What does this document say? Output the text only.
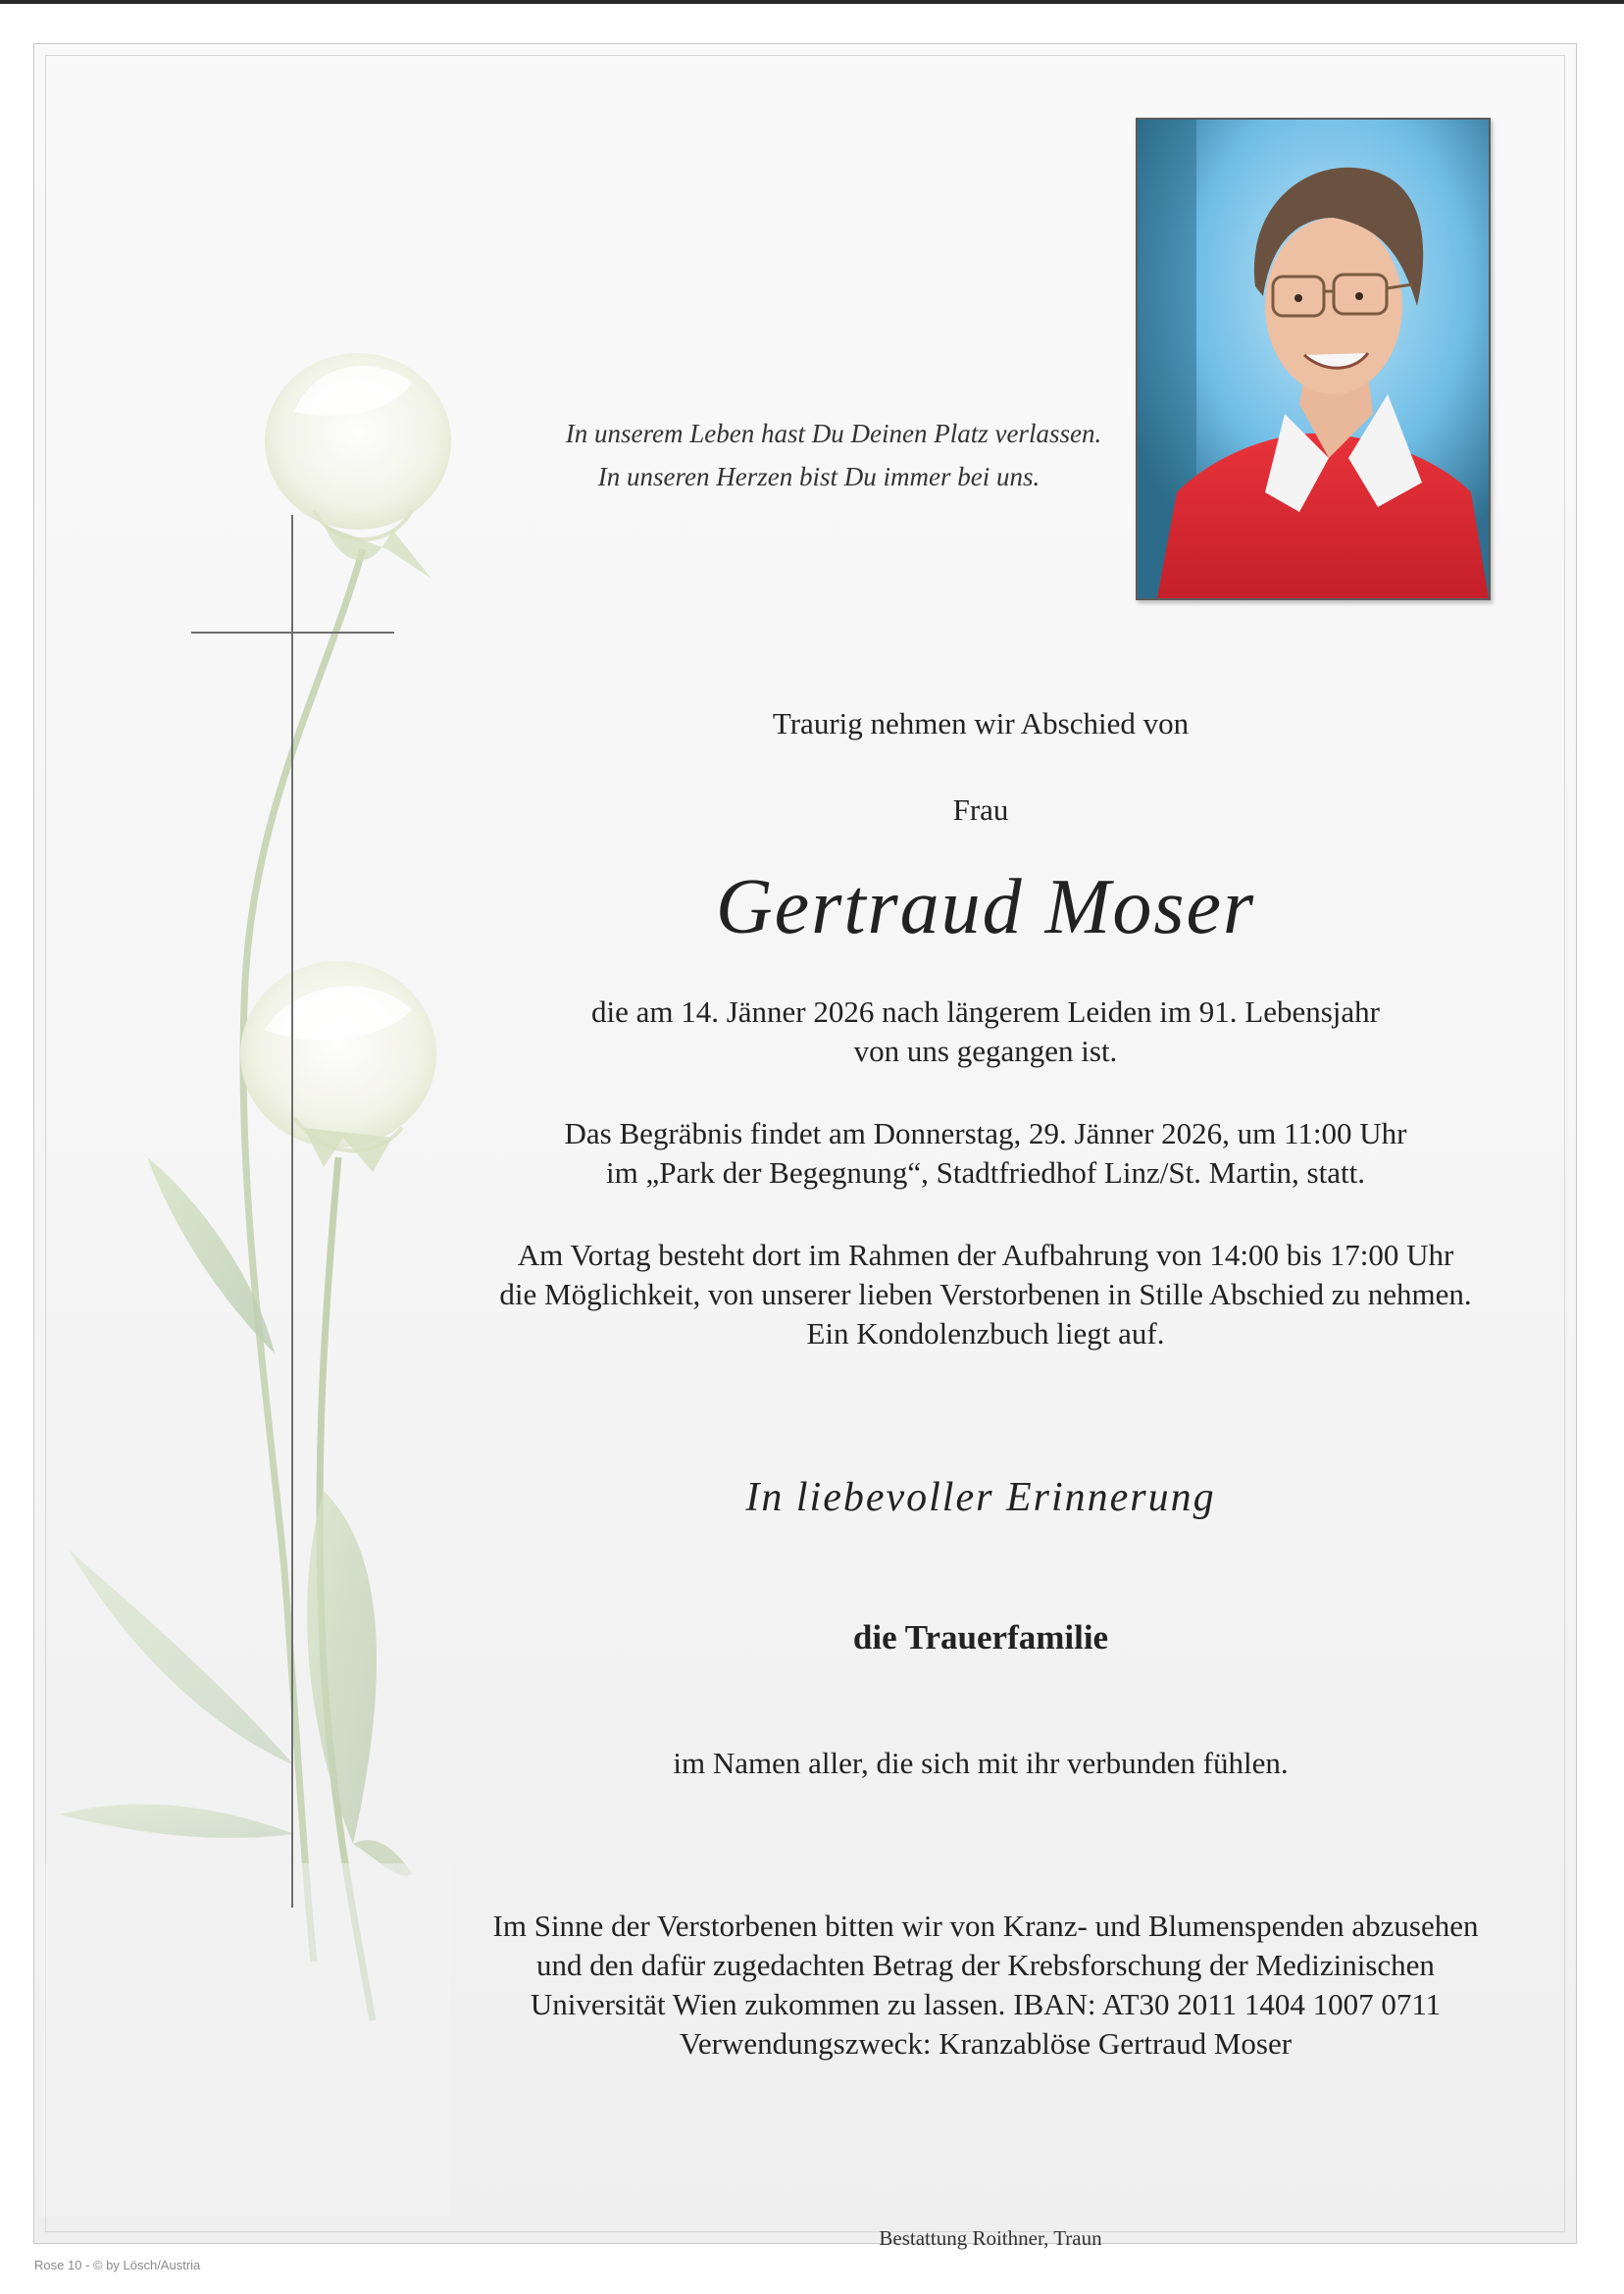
In unserem Leben hast Du Deinen Platz verlassen.
In unseren Herzen bist Du immer bei uns.
Traurig nehmen wir Abschied von
Frau
Gertraud Moser
die am 14. Jänner 2026 nach längerem Leiden im 91. Lebensjahr
von uns gegangen ist.
Das Begräbnis findet am Donnerstag, 29. Jänner 2026, um 11:00 Uhr
im „Park der Begegnung“, Stadtfriedhof Linz/St. Martin, statt.
Am Vortag besteht dort im Rahmen der Aufbahrung von 14:00 bis 17:00 Uhr
die Möglichkeit, von unserer lieben Verstorbenen in Stille Abschied zu nehmen.
Ein Kondolenzbuch liegt auf.
In liebevoller Erinnerung
die Trauerfamilie
im Namen aller, die sich mit ihr verbunden fühlen.
Im Sinne der Verstorbenen bitten wir von Kranz- und Blumenspenden abzusehen
und den dafür zugedachten Betrag der Krebsforschung der Medizinischen
Universität Wien zukommen zu lassen. IBAN: AT30 2011 1404 1007 0711
Verwendungszweck: Kranzablöse Gertraud Moser
Bestattung Roithner, Traun
Rose 10 - © by Lösch/Austria
